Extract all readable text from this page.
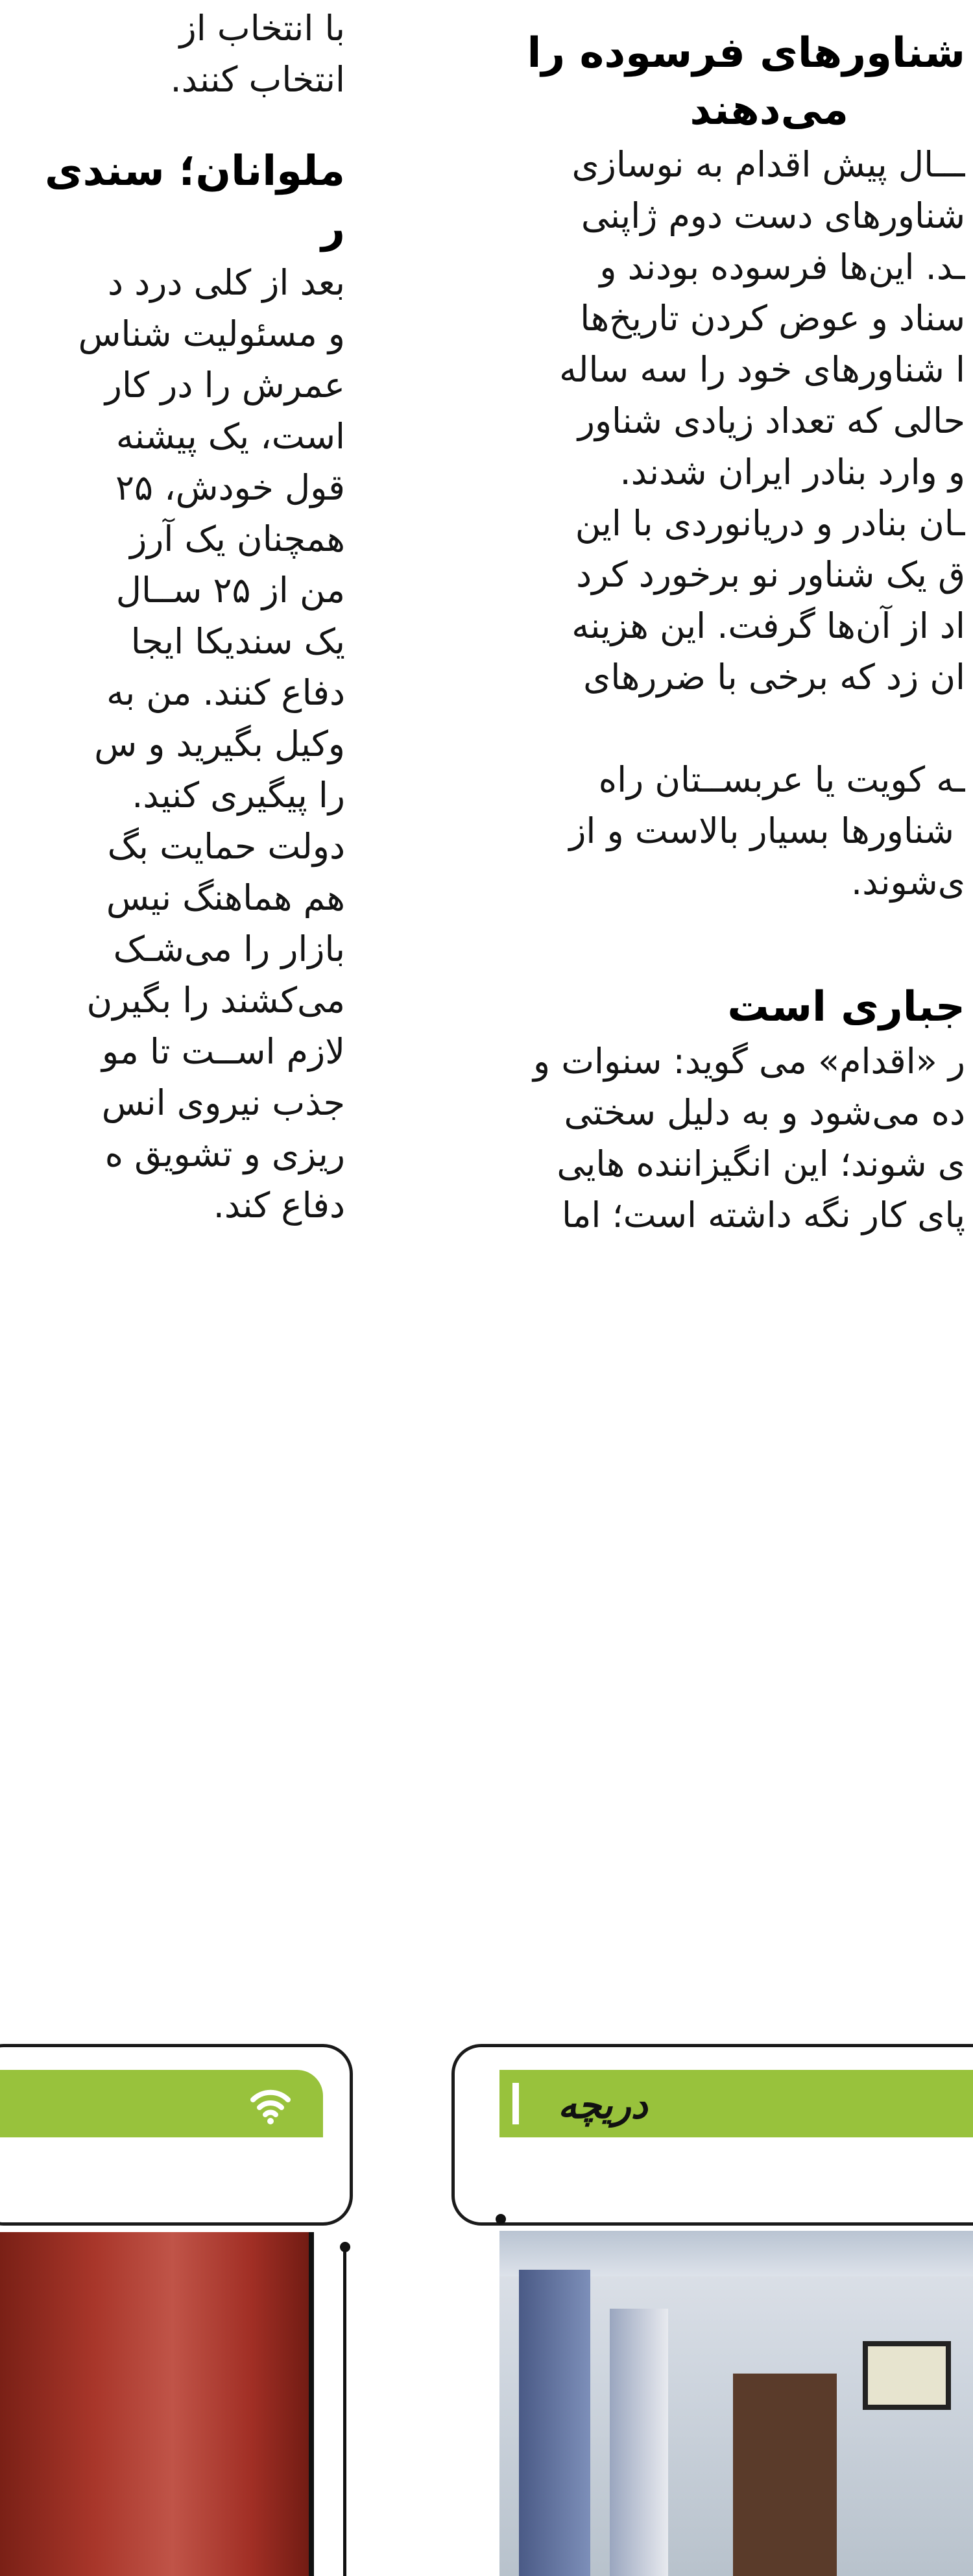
با انتخاب از
انتخاب کنند.
ملوانان؛ سندی
ر
بعد از کلی درد د
و مسئولیت شناس
عمرش را در کار
است، یک پیشنه
قول خودش، ۲۵
همچنان یک آرز
من از ۲۵ ســال
یک سندیکا ایجا
دفاع کنند. من به
وکیل بگیرید و س
را پیگیری کنید.
دولت حمایت بگ
هم هماهنگ نیس
بازار را می‌شـک
می‌کشند را بگیرن
لازم اســت تا مو
جذب نیروی انس
ریزی و تشویق ه
دفاع کند.
شناورهای فرسوده را
می‌دهند
ـــال پیش اقدام به نوسازی
شناورهای دست دوم ژاپنی
ـد. این‌ها فرسوده بودند و
سناد و عوض کردن تاریخ‌ها
ا شناورهای خود را سه ساله
حالی که تعداد زیادی شناور
و وارد بنادر ایران شدند.
ـان بنادر و دریانوردی با این
ق یک شناور نو برخورد کرد
اد از آن‌ها گرفت. این هزینه
ان زد که برخی با ضررهای
ـه کویت یا عربســتان راه
ِ شناورها بسیار بالاست و از
ی‌شوند.
جباری است
ر «اقدام» می گوید: سنوات و
ده می‌شود و به دلیل سختی
ی شوند؛ این انگیزاننده هایی
پای کار نگه داشته است؛ اما
دریچه
